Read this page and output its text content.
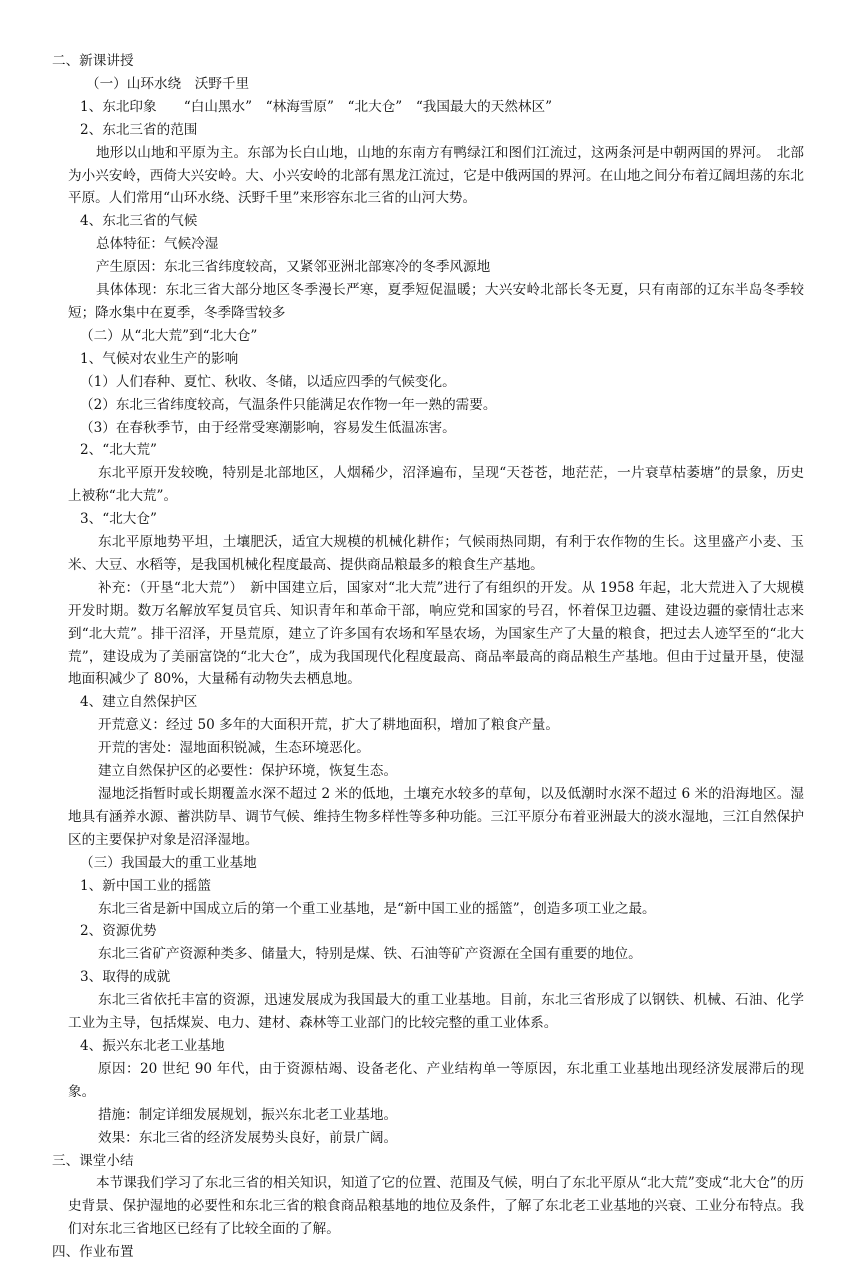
二、新课讲授

（一）山环水绕　沃野千里

1、东北印象　　“白山黑水”　“林海雪原”　“北大仓”　“我国最大的天然林区”

2、东北三省的范围

地形以山地和平原为主。东部为长白山地，山地的东南方有鸭绿江和图们江流过，这两条河是中朝两国的界河。　北部为小兴安岭，西倚大兴安岭。大、小兴安岭的北部有黑龙江流过，它是中俄两国的界河。在山地之间分布着辽阔坦荡的东北平原。人们常用“山环水绕、沃野千里”来形容东北三省的山河大势。

4、东北三省的气候

总体特征：气候冷湿

产生原因：东北三省纬度较高，又紧邻亚洲北部寒冷的冬季风源地

具体体现：东北三省大部分地区冬季漫长严寒，夏季短促温暖；大兴安岭北部长冬无夏，只有南部的辽东半岛冬季较短；降水集中在夏季，冬季降雪较多

（二）从“北大荒”到“北大仓”

1、气候对农业生产的影响

（1）人们春种、夏忙、秋收、冬储，以适应四季的气候变化。

（2）东北三省纬度较高，气温条件只能满足农作物一年一熟的需要。

（3）在春秋季节，由于经常受寒潮影响，容易发生低温冻害。

2、“北大荒”

东北平原开发较晚，特别是北部地区，人烟稀少，沼泽遍布，呈现“天苍苍，地茫茫，一片衰草枯萎塘”的景象，历史上被称“北大荒”。

3、“北大仓”

东北平原地势平坦，土壤肥沃，适宜大规模的机械化耕作；气候雨热同期，有利于农作物的生长。这里盛产小麦、玉米、大豆、水稻等，是我国机械化程度最高、提供商品粮最多的粮食生产基地。

补充：（开垦“北大荒”）　新中国建立后，国家对“北大荒”进行了有组织的开发。从 1958 年起，北大荒进入了大规模开发时期。数万名解放军复员官兵、知识青年和革命干部，响应党和国家的号召，怀着保卫边疆、建设边疆的豪情壮志来到“北大荒”。排干沼泽，开垦荒原，建立了许多国有农场和军垦农场，为国家生产了大量的粮食，把过去人迹罕至的“北大荒”，建设成为了美丽富饶的“北大仓”，成为我国现代化程度最高、商品率最高的商品粮生产基地。但由于过量开垦，使湿地面积减少了 80%，大量稀有动物失去栖息地。

4、建立自然保护区

开荒意义：经过 50 多年的大面积开荒，扩大了耕地面积，增加了粮食产量。

开荒的害处：湿地面积锐减，生态环境恶化。

建立自然保护区的必要性：保护环境，恢复生态。

湿地泛指暂时或长期覆盖水深不超过 2 米的低地，土壤充水较多的草甸，以及低潮时水深不超过 6 米的沿海地区。湿地具有涵养水源、蓄洪防旱、调节气候、维持生物多样性等多种功能。三江平原分布着亚洲最大的淡水湿地，三江自然保护区的主要保护对象是沼泽湿地。

（三）我国最大的重工业基地

1、新中国工业的摇篮

东北三省是新中国成立后的第一个重工业基地，是“新中国工业的摇篮”，创造多项工业之最。

2、资源优势

东北三省矿产资源种类多、储量大，特别是煤、铁、石油等矿产资源在全国有重要的地位。

3、取得的成就

东北三省依托丰富的资源，迅速发展成为我国最大的重工业基地。目前，东北三省形成了以钢铁、机械、石油、化学工业为主导，包括煤炭、电力、建材、森林等工业部门的比较完整的重工业体系。

4、振兴东北老工业基地

原因：20 世纪 90 年代，由于资源枯竭、设备老化、产业结构单一等原因，东北重工业基地出现经济发展滞后的现象。

措施：制定详细发展规划，振兴东北老工业基地。

效果：东北三省的经济发展势头良好，前景广阔。

三、课堂小结

本节课我们学习了东北三省的相关知识，知道了它的位置、范围及气候，明白了东北平原从“北大荒”变成“北大仓”的历史背景、保护湿地的必要性和东北三省的粮食商品粮基地的地位及条件，了解了东北老工业基地的兴衰、工业分布特点。我们对东北三省地区已经有了比较全面的了解。

四、作业布置
